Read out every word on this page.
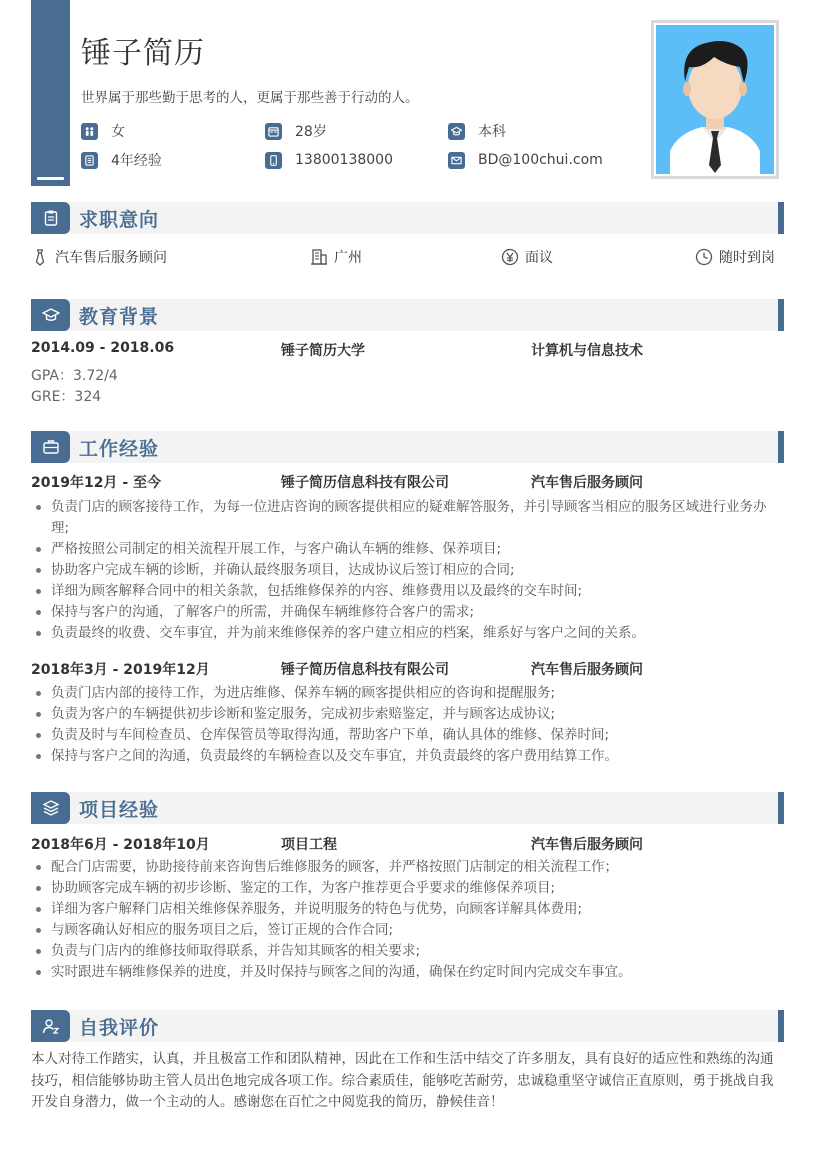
锤子简历
世界属于那些勤于思考的人，更属于那些善于行动的人。
女	28岁	本科
4年经验	13800138000	BD@100chui.com
求职意向
汽车售后服务顾问	广州	面议	随时到岗
教育背景
2014.09 - 2018.06	锤子简历大学	计算机与信息技术
GPA：3.72/4
GRE：324
工作经验
2019年12月 - 至今	锤子简历信息科技有限公司	汽车售后服务顾问
负责门店的顾客接待工作，为每一位进店咨询的顾客提供相应的疑难解答服务，并引导顾客当相应的服务区域进行业务办理;
严格按照公司制定的相关流程开展工作，与客户确认车辆的维修、保养项目;
协助客户完成车辆的诊断，并确认最终服务项目，达成协议后签订相应的合同;
详细为顾客解释合同中的相关条款，包括维修保养的内容、维修费用以及最终的交车时间;
保持与客户的沟通，了解客户的所需，并确保车辆维修符合客户的需求;
负责最终的收费、交车事宜，并为前来维修保养的客户建立相应的档案，维系好与客户之间的关系。
2018年3月 - 2019年12月	锤子简历信息科技有限公司	汽车售后服务顾问
负责门店内部的接待工作，为进店维修、保养车辆的顾客提供相应的咨询和提醒服务;
负责为客户的车辆提供初步诊断和鉴定服务，完成初步索赔鉴定，并与顾客达成协议;
负责及时与车间检查员、仓库保管员等取得沟通，帮助客户下单，确认具体的维修、保养时间;
保持与客户之间的沟通，负责最终的车辆检查以及交车事宜，并负责最终的客户费用结算工作。
项目经验
2018年6月 - 2018年10月	项目工程	汽车售后服务顾问
配合门店需要，协助接待前来咨询售后维修服务的顾客，并严格按照门店制定的相关流程工作；
协助顾客完成车辆的初步诊断、鉴定的工作，为客户推荐更合乎要求的维修保养项目;
详细为客户解释门店相关维修保养服务，并说明服务的特色与优势，向顾客详解具体费用;
与顾客确认好相应的服务项目之后，签订正规的合作合同;
负责与门店内的维修技师取得联系，并告知其顾客的相关要求;
实时跟进车辆维修保养的进度，并及时保持与顾客之间的沟通，确保在约定时间内完成交车事宜。
自我评价
本人对待工作踏实，认真，并且极富工作和团队精神，因此在工作和生活中结交了许多朋友，具有良好的适应性和熟练的沟通技巧，相信能够协助主管人员出色地完成各项工作。综合素质佳，能够吃苦耐劳，忠诚稳重坚守诚信正直原则，勇于挑战自我开发自身潜力，做一个主动的人。感谢您在百忙之中阅览我的简历，静候佳音！
